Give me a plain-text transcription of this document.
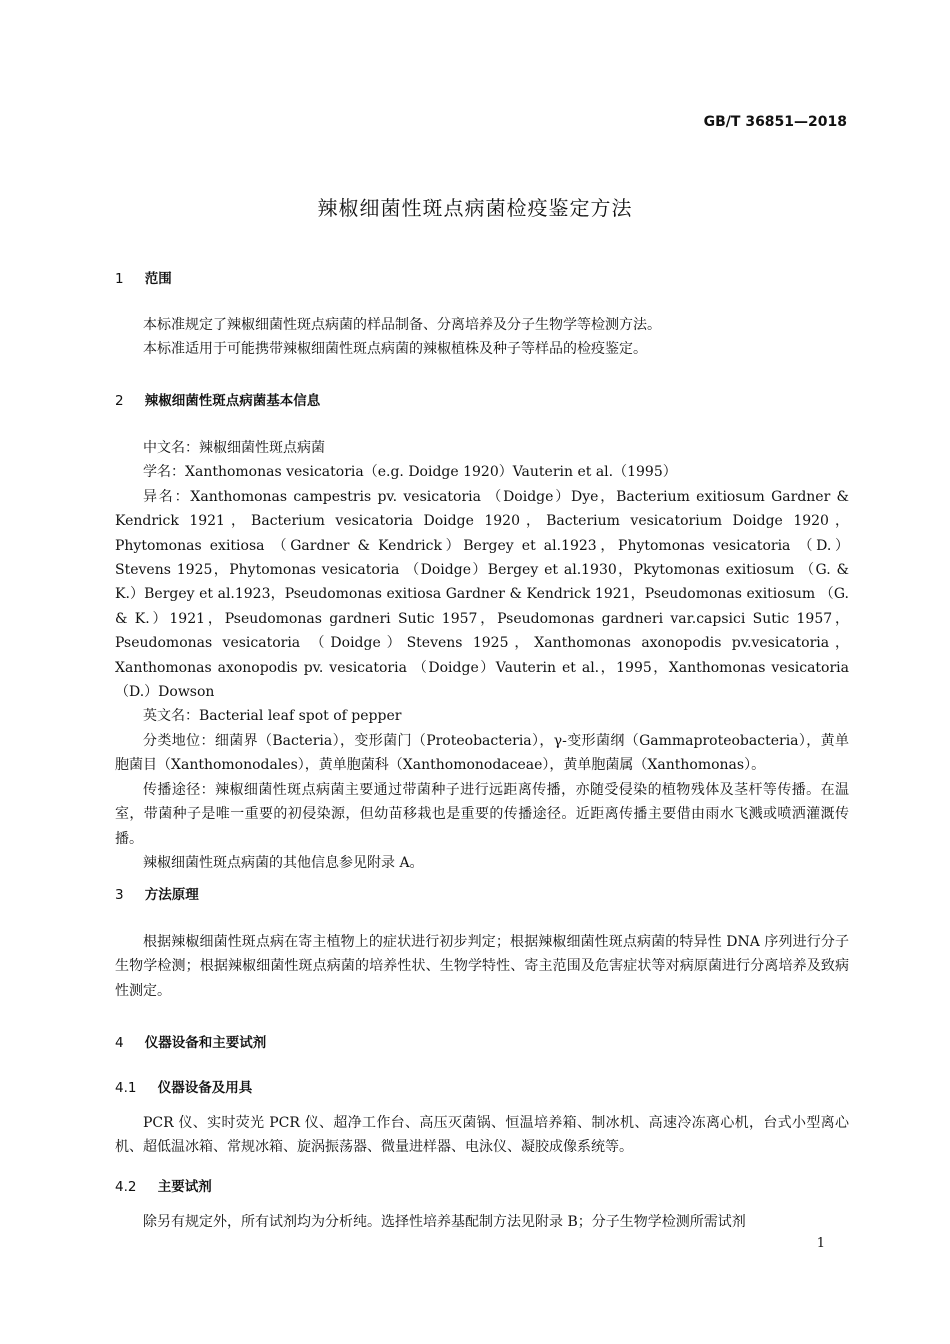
GB/T 36851—2018
辣椒细菌性斑点病菌检疫鉴定方法
1 范围

本标准规定了辣椒细菌性斑点病菌的样品制备、分离培养及分子生物学等检测方法。

本标准适用于可能携带辣椒细菌性斑点病菌的辣椒植株及种子等样品的检疫鉴定。

2 辣椒细菌性斑点病菌基本信息

中文名：辣椒细菌性斑点病菌

学名：Xanthomonas vesicatoria（e.g. Doidge 1920）Vauterin et al.（1995）

异名：Xanthomonas campestris pv. vesicatoria （Doidge）Dye，Bacterium exitiosum Gardner & Kendrick 1921，Bacterium vesicatoria Doidge 1920，Bacterium vesicatorium Doidge 1920，Phytomonas exitiosa （Gardner & Kendrick）Bergey et al.1923，Phytomonas vesicatoria （D.）Stevens 1925，Phytomonas vesicatoria （Doidge）Bergey et al.1930，Pkytomonas exitiosum （G. & K.）Bergey et al.1923，Pseudomonas exitiosa Gardner & Kendrick 1921，Pseudomonas exitiosum （G. & K.）1921，Pseudomonas gardneri Sutic 1957，Pseudomonas gardneri var.capsici Sutic 1957，Pseudomonas vesicatoria （Doidge）Stevens 1925，Xanthomonas axonopodis pv.vesicatoria，Xanthomonas axonopodis pv. vesicatoria （Doidge）Vauterin et al.，1995，Xanthomonas vesicatoria （D.）Dowson

英文名：Bacterial leaf spot of pepper

分类地位：细菌界（Bacteria），变形菌门（Proteobacteria），γ-变形菌纲（Gammaproteobacteria），黄单胞菌目（Xanthomonodales），黄单胞菌科（Xanthomonodaceae），黄单胞菌属（Xanthomonas）。

传播途径：辣椒细菌性斑点病菌主要通过带菌种子进行远距离传播，亦随受侵染的植物残体及茎杆等传播。在温室，带菌种子是唯一重要的初侵染源，但幼苗移栽也是重要的传播途径。近距离传播主要借由雨水飞溅或喷洒灌溉传播。

辣椒细菌性斑点病菌的其他信息参见附录 A。

3 方法原理

根据辣椒细菌性斑点病在寄主植物上的症状进行初步判定；根据辣椒细菌性斑点病菌的特异性 DNA 序列进行分子生物学检测；根据辣椒细菌性斑点病菌的培养性状、生物学特性、寄主范围及危害症状等对病原菌进行分离培养及致病性测定。

4 仪器设备和主要试剂
4.1 仪器设备及用具

PCR 仪、实时荧光 PCR 仪、超净工作台、高压灭菌锅、恒温培养箱、制冰机、高速冷冻离心机，台式小型离心机、超低温冰箱、常规冰箱、旋涡振荡器、微量进样器、电泳仪、凝胶成像系统等。

4.2 主要试剂

除另有规定外，所有试剂均为分析纯。选择性培养基配制方法见附录 B；分子生物学检测所需试剂

1
